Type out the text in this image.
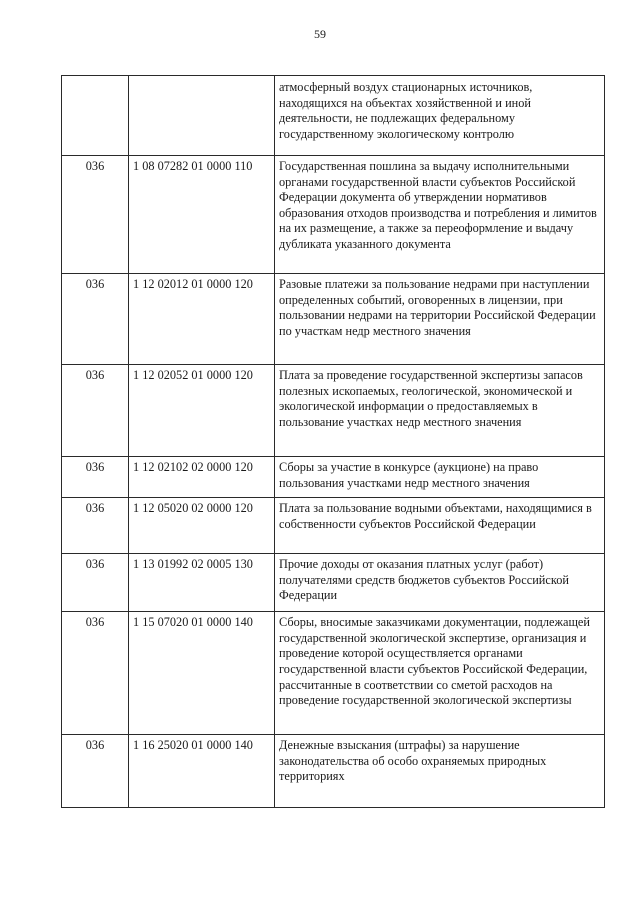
59
		атмосферный воздух стационарных источников, находящихся на объектах хозяйственной и иной деятельности, не подлежащих федеральному государственному экологическому контролю
036	1 08 07282 01 0000 110	Государственная пошлина за выдачу исполнительными органами государственной власти субъектов Российской Федерации документа об утверждении нормативов образования отходов производства и потребления и лимитов на их размещение, а также за переоформление и выдачу дубликата указанного документа
036	1 12 02012 01 0000 120	Разовые платежи за пользование недрами при наступлении определенных событий, оговоренных в лицензии, при пользовании недрами на территории Российской Федерации по участкам недр местного значения
036	1 12 02052 01 0000 120	Плата за проведение государственной экспертизы запасов полезных ископаемых, геологической, экономической и экологической информации о предоставляемых в пользование участках недр местного значения
036	1 12 02102 02 0000 120	Сборы за участие в конкурсе (аукционе) на право пользования участками недр местного значения
036	1 12 05020 02 0000 120	Плата за пользование водными объектами, находящимися в собственности субъектов Российской Федерации
036	1 13 01992 02 0005 130	Прочие доходы от оказания платных услуг (работ) получателями средств бюджетов субъектов Российской Федерации
036	1 15 07020 01 0000 140	Сборы, вносимые заказчиками документации, подлежащей государственной экологической экспертизе, организация и проведение которой осуществляется органами государственной власти субъектов Российской Федерации, рассчитанные в соответствии со сметой расходов на проведение государственной экологической экспертизы
036	1 16 25020 01 0000 140	Денежные взыскания (штрафы) за нарушение законодательства об особо охраняемых природных территориях
